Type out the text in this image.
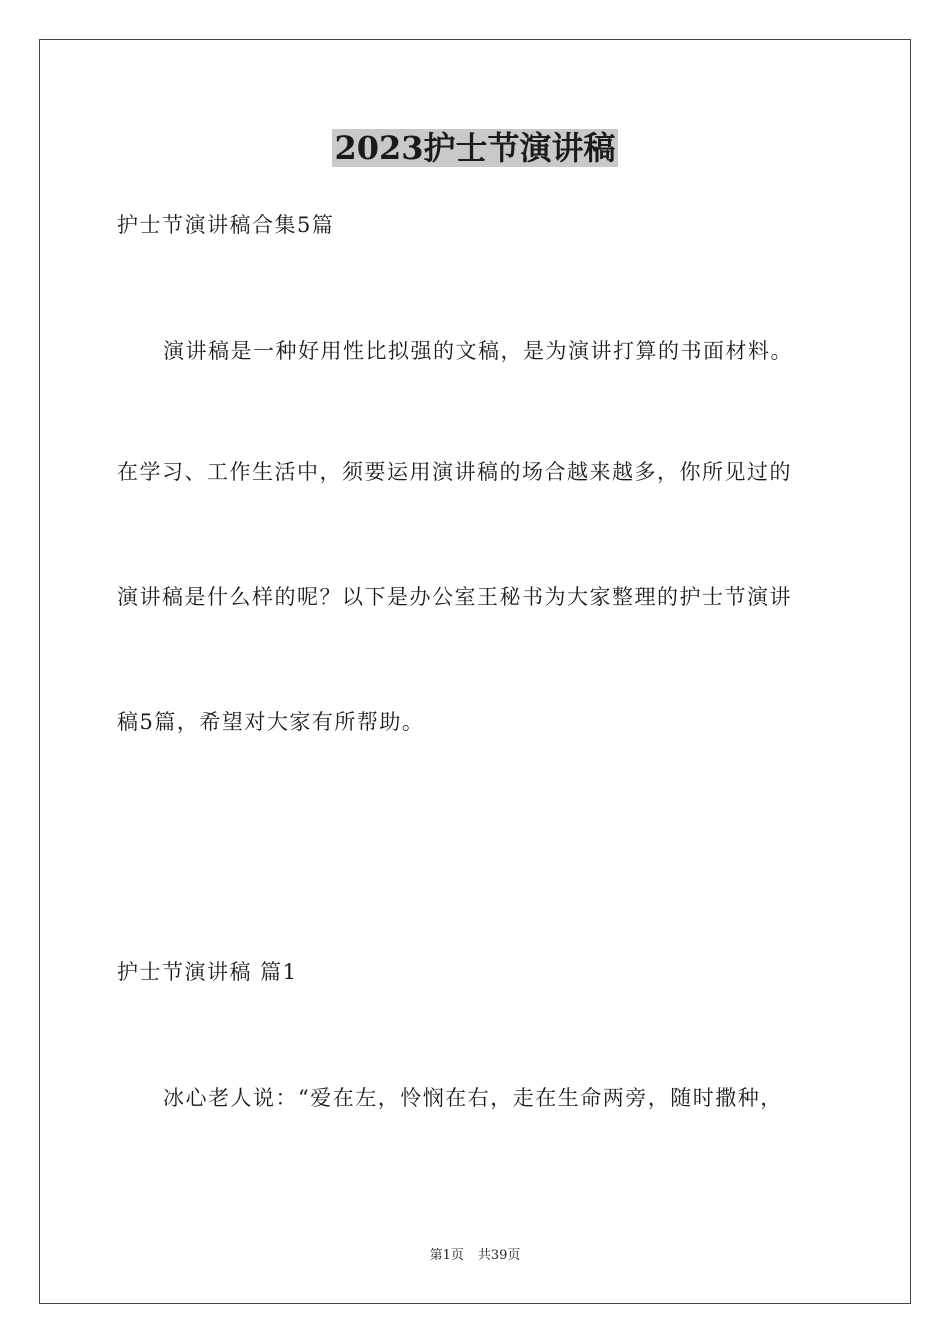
2023护士节演讲稿
护士节演讲稿合集5篇
演讲稿是一种好用性比拟强的文稿，是为演讲打算的书面材料。
在学习、工作生活中，须要运用演讲稿的场合越来越多，你所见过的
演讲稿是什么样的呢？以下是办公室王秘书为大家整理的护士节演讲
稿5篇，希望对大家有所帮助。
护士节演讲稿 篇1
冰心老人说：“爱在左，怜悯在右，走在生命两旁，随时撒种，
第1页 共39页
